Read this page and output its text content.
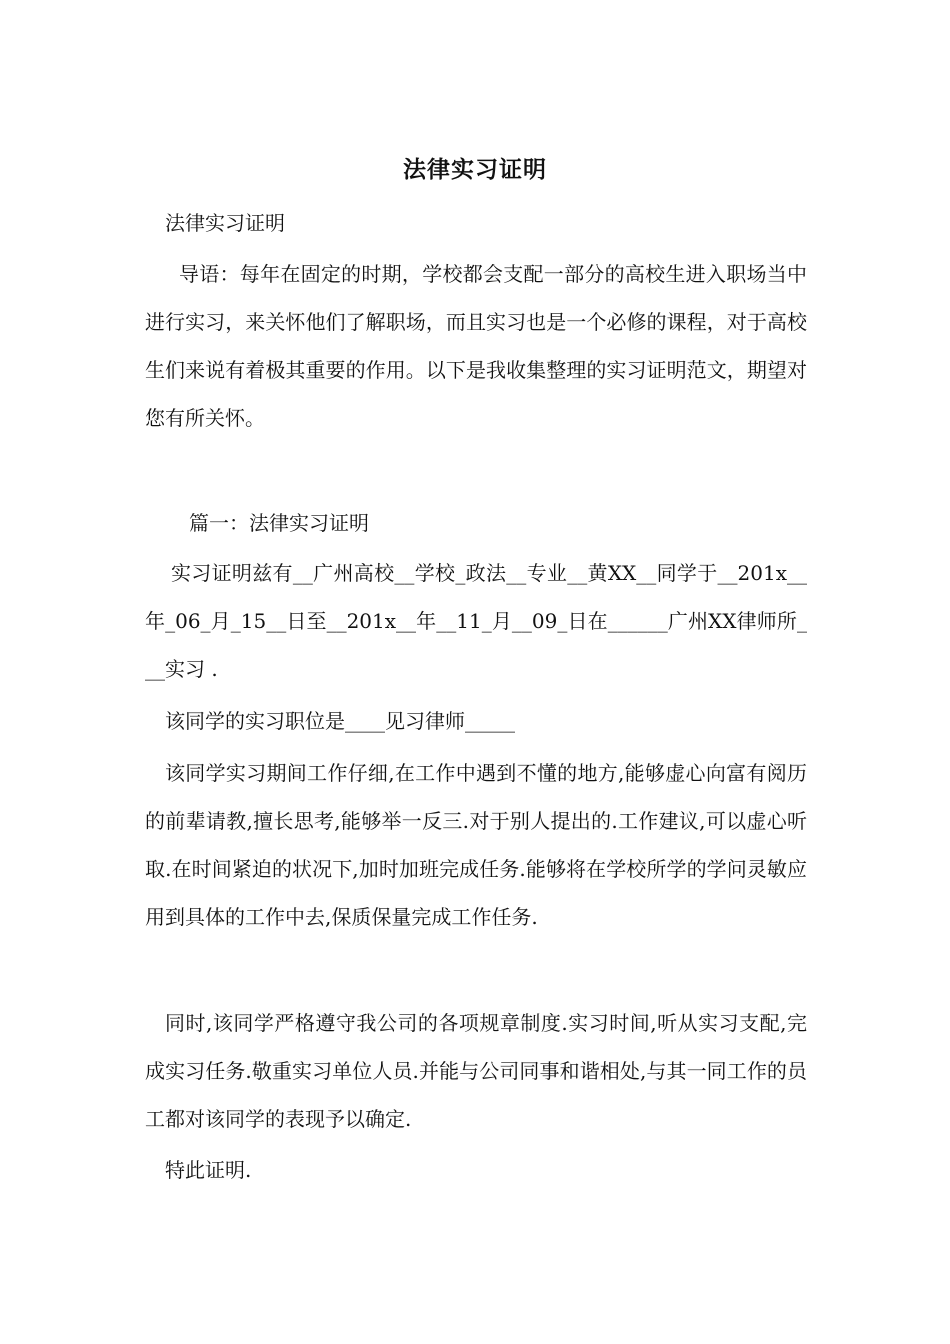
法律实习证明
法律实习证明
导语：每年在固定的时期，学校都会支配一部分的高校生进入职场当中进行实习，来关怀他们了解职场，而且实习也是一个必修的课程，对于高校生们来说有着极其重要的作用。以下是我收集整理的实习证明范文，期望对您有所关怀。
篇一：法律实习证明
实习证明兹有__广州高校__学校_政法__专业__黄XX__同学于__201x__年_06_月_15__日至__201x__年__11_月__09_日在______广州XX律师所___实习 .
该同学的实习职位是____见习律师_____
该同学实习期间工作仔细,在工作中遇到不懂的地方,能够虚心向富有阅历的前辈请教,擅长思考,能够举一反三.对于别人提出的.工作建议,可以虚心听取.在时间紧迫的状况下,加时加班完成任务.能够将在学校所学的学问灵敏应用到具体的工作中去,保质保量完成工作任务.
同时,该同学严格遵守我公司的各项规章制度.实习时间,听从实习支配,完成实习任务.敬重实习单位人员.并能与公司同事和谐相处,与其一同工作的员工都对该同学的表现予以确定.
特此证明.
